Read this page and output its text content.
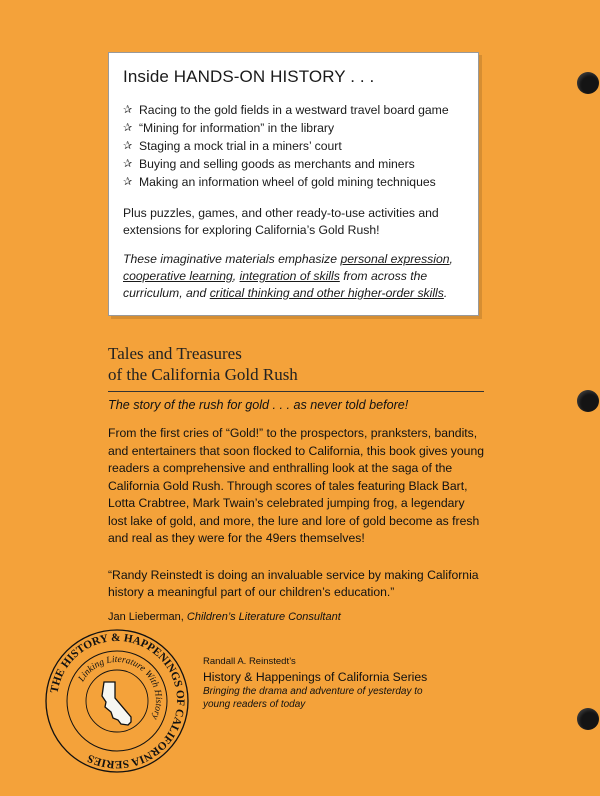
Inside HANDS-ON HISTORY . . .

✰ Racing to the gold fields in a westward travel board game
✰ “Mining for information” in the library
✰ Staging a mock trial in a miners’ court
✰ Buying and selling goods as merchants and miners
✰ Making an information wheel of gold mining techniques

Plus puzzles, games, and other ready-to-use activities and extensions for exploring California’s Gold Rush!

These imaginative materials emphasize personal expression, cooperative learning, integration of skills from across the curriculum, and critical thinking and other higher-order skills.

Tales and Treasures
of the California Gold Rush

The story of the rush for gold . . . as never told before!

From the first cries of “Gold!” to the prospectors, pranksters, bandits, and entertainers that soon flocked to California, this book gives young readers a comprehensive and enthralling look at the saga of the California Gold Rush. Through scores of tales featuring Black Bart, Lotta Crabtree, Mark Twain’s celebrated jumping frog, a legendary lost lake of gold, and more, the lure and lore of gold become as fresh and real as they were for the 49ers themselves!

“Randy Reinstedt is doing an invaluable service by making California history a meaningful part of our children’s education.”

Jan Lieberman, Children’s Literature Consultant

THE HISTORY & HAPPENINGS OF CALIFORNIA SERIES
Linking Literature With History

Randall A. Reinstedt’s

History & Happenings of California Series

Bringing the drama and adventure of yesterday to young readers of today
